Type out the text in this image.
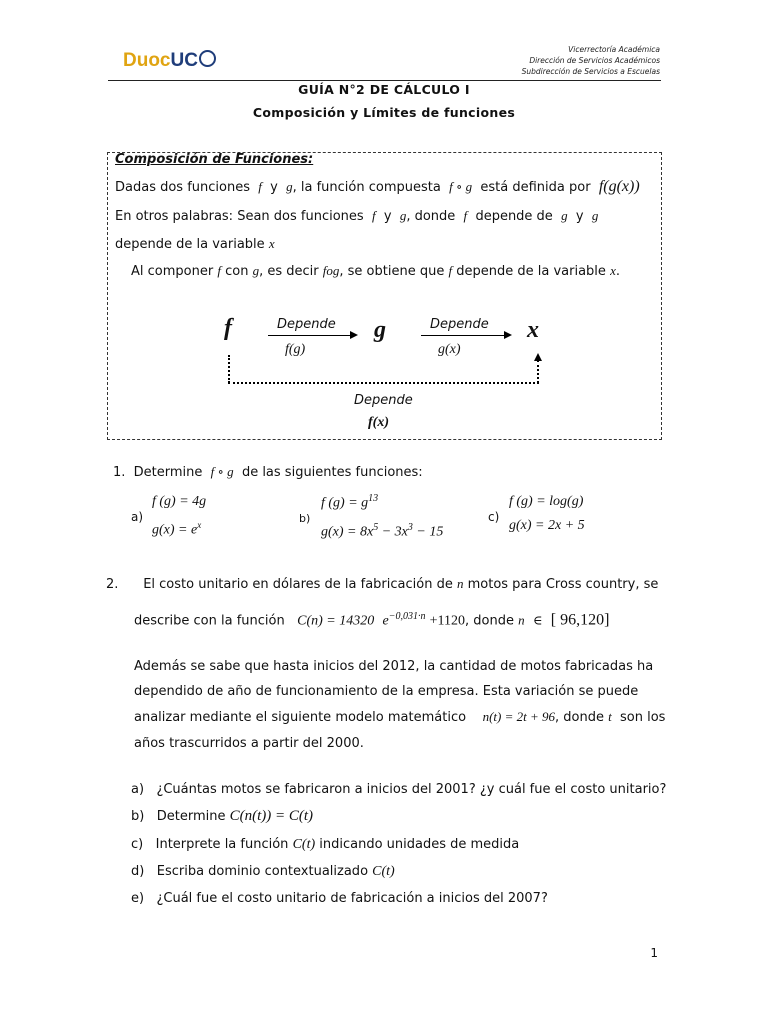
DuocUC
Vicerrectoría Académica
Dirección de Servicios Académicos
Subdirección de Servicios a Escuelas
GUÍA N°2 DE CÁLCULO I
Composición y Límites de funciones
Composición de Funciones:
Dadas dos funciones f y g, la función compuesta f ∘ g está definida por f(g(x))
En otros palabras: Sean dos funciones f y g, donde f depende de g y g
depende de la variable x
Al componer f con g, es decir fog, se obtiene que f depende de la variable x.
f	g	x
Depende
f(g)
Depende
g(x)
Depende
f(x)
1. Determine f ∘ g de las siguientes funciones:
a)
f (g) = 4g
$g(x) = e^x$	b)
f $(g) = g^{13}$
$g(x) = 8x^5 - 3x^3 - 15$
c)
f (g) = log(g)
g(x) = 2x + 5
2. El costo unitario en dólares de la fabricación de n motos para Cross country, se
describe con la función C(n) = 14320 $e^{-0,031\cdot n} +1120$, donde n ∈ [ 96,120]
Además se sabe que hasta inicios del 2012, la cantidad de motos fabricadas ha
dependido de año de funcionamiento de la empresa. Esta variación se puede
analizar mediante el siguiente modelo matemático n(t) = 2t + 96, donde t son los
años trascurridos a partir del 2000.
a) ¿Cuántas motos se fabricaron a inicios del 2001? ¿y cuál fue el costo unitario?
b) Determine C(n(t)) = C(t)
c) Interprete la función C(t) indicando unidades de medida
d) Escriba dominio contextualizado C(t)
e) ¿Cuál fue el costo unitario de fabricación a inicios del 2007?
1
